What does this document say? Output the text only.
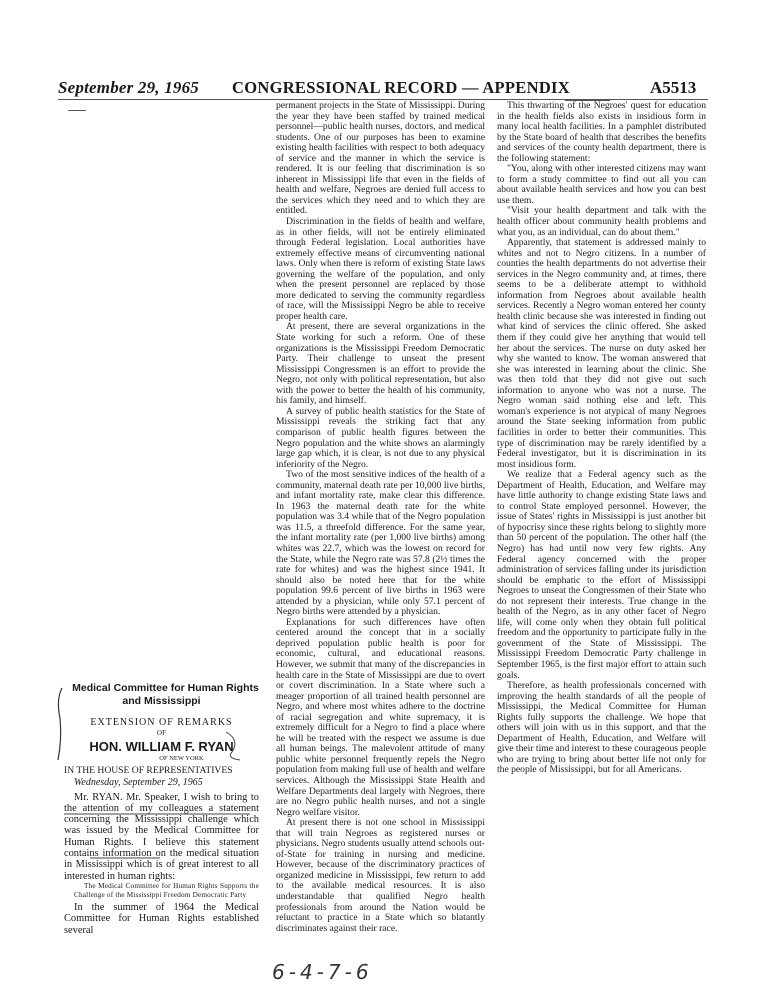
September 29, 1965 CONGRESSIONAL RECORD — APPENDIX	A5513
Medical Committee for Human Rights
and Mississippi
EXTENSION OF REMARKS
OF
HON. WILLIAM F. RYAN
OF NEW YORK
IN THE HOUSE OF REPRESENTATIVES
Wednesday, September 29, 1965

Mr. RYAN. Mr. Speaker, I wish to bring to the attention of my colleagues a statement concerning the Mississippi challenge which was issued by the Medical Committee for Human Rights. I believe this statement contains information on the medical situation in Mississippi which is of great interest to all interested in human rights:

The Medical Committee for Human Rights Supports the Challenge of the Mississippi Freedom Democratic Party

In the summer of 1964 the Medical Committee for Human Rights established several

permanent projects in the State of Mississippi. During the year they have been staffed by trained medical personnel—public health nurses, doctors, and medical students. One of our purposes has been to examine existing health facilities with respect to both adequacy of service and the manner in which the service is rendered. It is our feeling that discrimination is so inherent in Mississippi life that even in the fields of health and welfare, Negroes are denied full access to the services which they need and to which they are entitled.

Discrimination in the fields of health and welfare, as in other fields, will not be entirely eliminated through Federal legislation. Local authorities have extremely effective means of circumventing national laws. Only when there is reform of existing State laws governing the welfare of the population, and only when the present personnel are replaced by those more dedicated to serving the community regardless of race, will the Mississippi Negro be able to receive proper health care.

At present, there are several organizations in the State working for such a reform. One of these organizations is the Mississippi Freedom Democratic Party. Their challenge to unseat the present Mississippi Congressmen is an effort to provide the Negro, not only with political representation, but also with the power to better the health of his community, his family, and himself.

A survey of public health statistics for the State of Mississippi reveals the striking fact that any comparison of public health figures between the Negro population and the white shows an alarmingly large gap which, it is clear, is not due to any physical inferiority of the Negro.

Two of the most sensitive indices of the health of a community, maternal death rate per 10,000 live births, and infant mortality rate, make clear this difference. In 1963 the maternal death rate for the white population was 3.4 while that of the Negro population was 11.5, a threefold difference. For the same year, the infant mortality rate (per 1,000 live births) among whites was 22.7, which was the lowest on record for the State, while the Negro rate was 57.8 (2½ times the rate for whites) and was the highest since 1941. It should also be noted here that for the white population 99.6 percent of live births in 1963 were attended by a physician, while only 57.1 percent of Negro births were attended by a physician.

Explanations for such differences have often centered around the concept that in a socially deprived population public health is poor for economic, cultural, and educational reasons. However, we submit that many of the discrepancies in health care in the State of Mississippi are due to overt or covert discrimination. In a State where such a meager proportion of all trained health personnel are Negro, and where most whites adhere to the doctrine of racial segregation and white supremacy, it is extremely difficult for a Negro to find a place where he will be treated with the respect we assume is due all human beings. The malevolent attitude of many public white personnel frequently repels the Negro population from making full use of health and welfare services. Although the Mississippi State Health and Welfare Departments deal largely with Negroes, there are no Negro public health nurses, and not a single Negro welfare visitor.

At present there is not one school in Mississippi that will train Negroes as registered nurses or physicians. Negro students usually attend schools out-of-State for training in nursing and medicine. However, because of the discriminatory practices of organized medicine in Mississippi, few return to add to the available medical resources. It is also understandable that qualified Negro health professionals from around the Nation would be reluctant to practice in a State which so blatantly discriminates against their race.

This thwarting of the Negroes' quest for education in the health fields also exists in insidious form in many local health facilities. In a pamphlet distributed by the State board of health that describes the benefits and services of the county health department, there is the following statement:

"You, along with other interested citizens may want to form a study committee to find out all you can about available health services and how you can best use them.

"Visit your health department and talk with the health officer about community health problems and what you, as an individual, can do about them."

Apparently, that statement is addressed mainly to whites and not to Negro citizens. In a number of counties the health departments do not advertise their services in the Negro community and, at times, there seems to be a deliberate attempt to withhold information from Negroes about available health services. Recently a Negro woman entered her county health clinic because she was interested in finding out what kind of services the clinic offered. She asked them if they could give her anything that would tell her about the services. The nurse on duty asked her why she wanted to know. The woman answered that she was interested in learning about the clinic. She was then told that they did not give out such information to anyone who was not a nurse. The Negro woman said nothing else and left. This woman's experience is not atypical of many Negroes around the State seeking information from public facilities in order to better their communities. This type of discrimination may be rarely identified by a Federal investigator, but it is discrimination in its most insidious form.

We realize that a Federal agency such as the Department of Health, Education, and Welfare may have little authority to change existing State laws and to control State employed personnel. However, the issue of States' rights in Mississippi is just another bit of hypocrisy since these rights belong to slightly more than 50 percent of the population. The other half (the Negro) has had until now very few rights. Any Federal agency concerned with the proper administration of services falling under its jurisdiction should be emphatic to the effort of Mississippi Negroes to unseat the Congressmen of their State who do not represent their interests. True change in the health of the Negro, as in any other facet of Negro life, will come only when they obtain full political freedom and the opportunity to participate fully in the government of the State of Mississippi. The Mississippi Freedom Democratic Party challenge in September 1965, is the first major effort to attain such goals.

Therefore, as health professionals concerned with improving the health standards of all the people of Mississippi, the Medical Committee for Human Rights fully supports the challenge. We hope that others will join with us in this support, and that the Department of Health, Education, and Welfare will give their time and interest to these courageous people who are trying to bring about better life not only for the people of Mississippi, but for all Americans.

6-4-7-6
